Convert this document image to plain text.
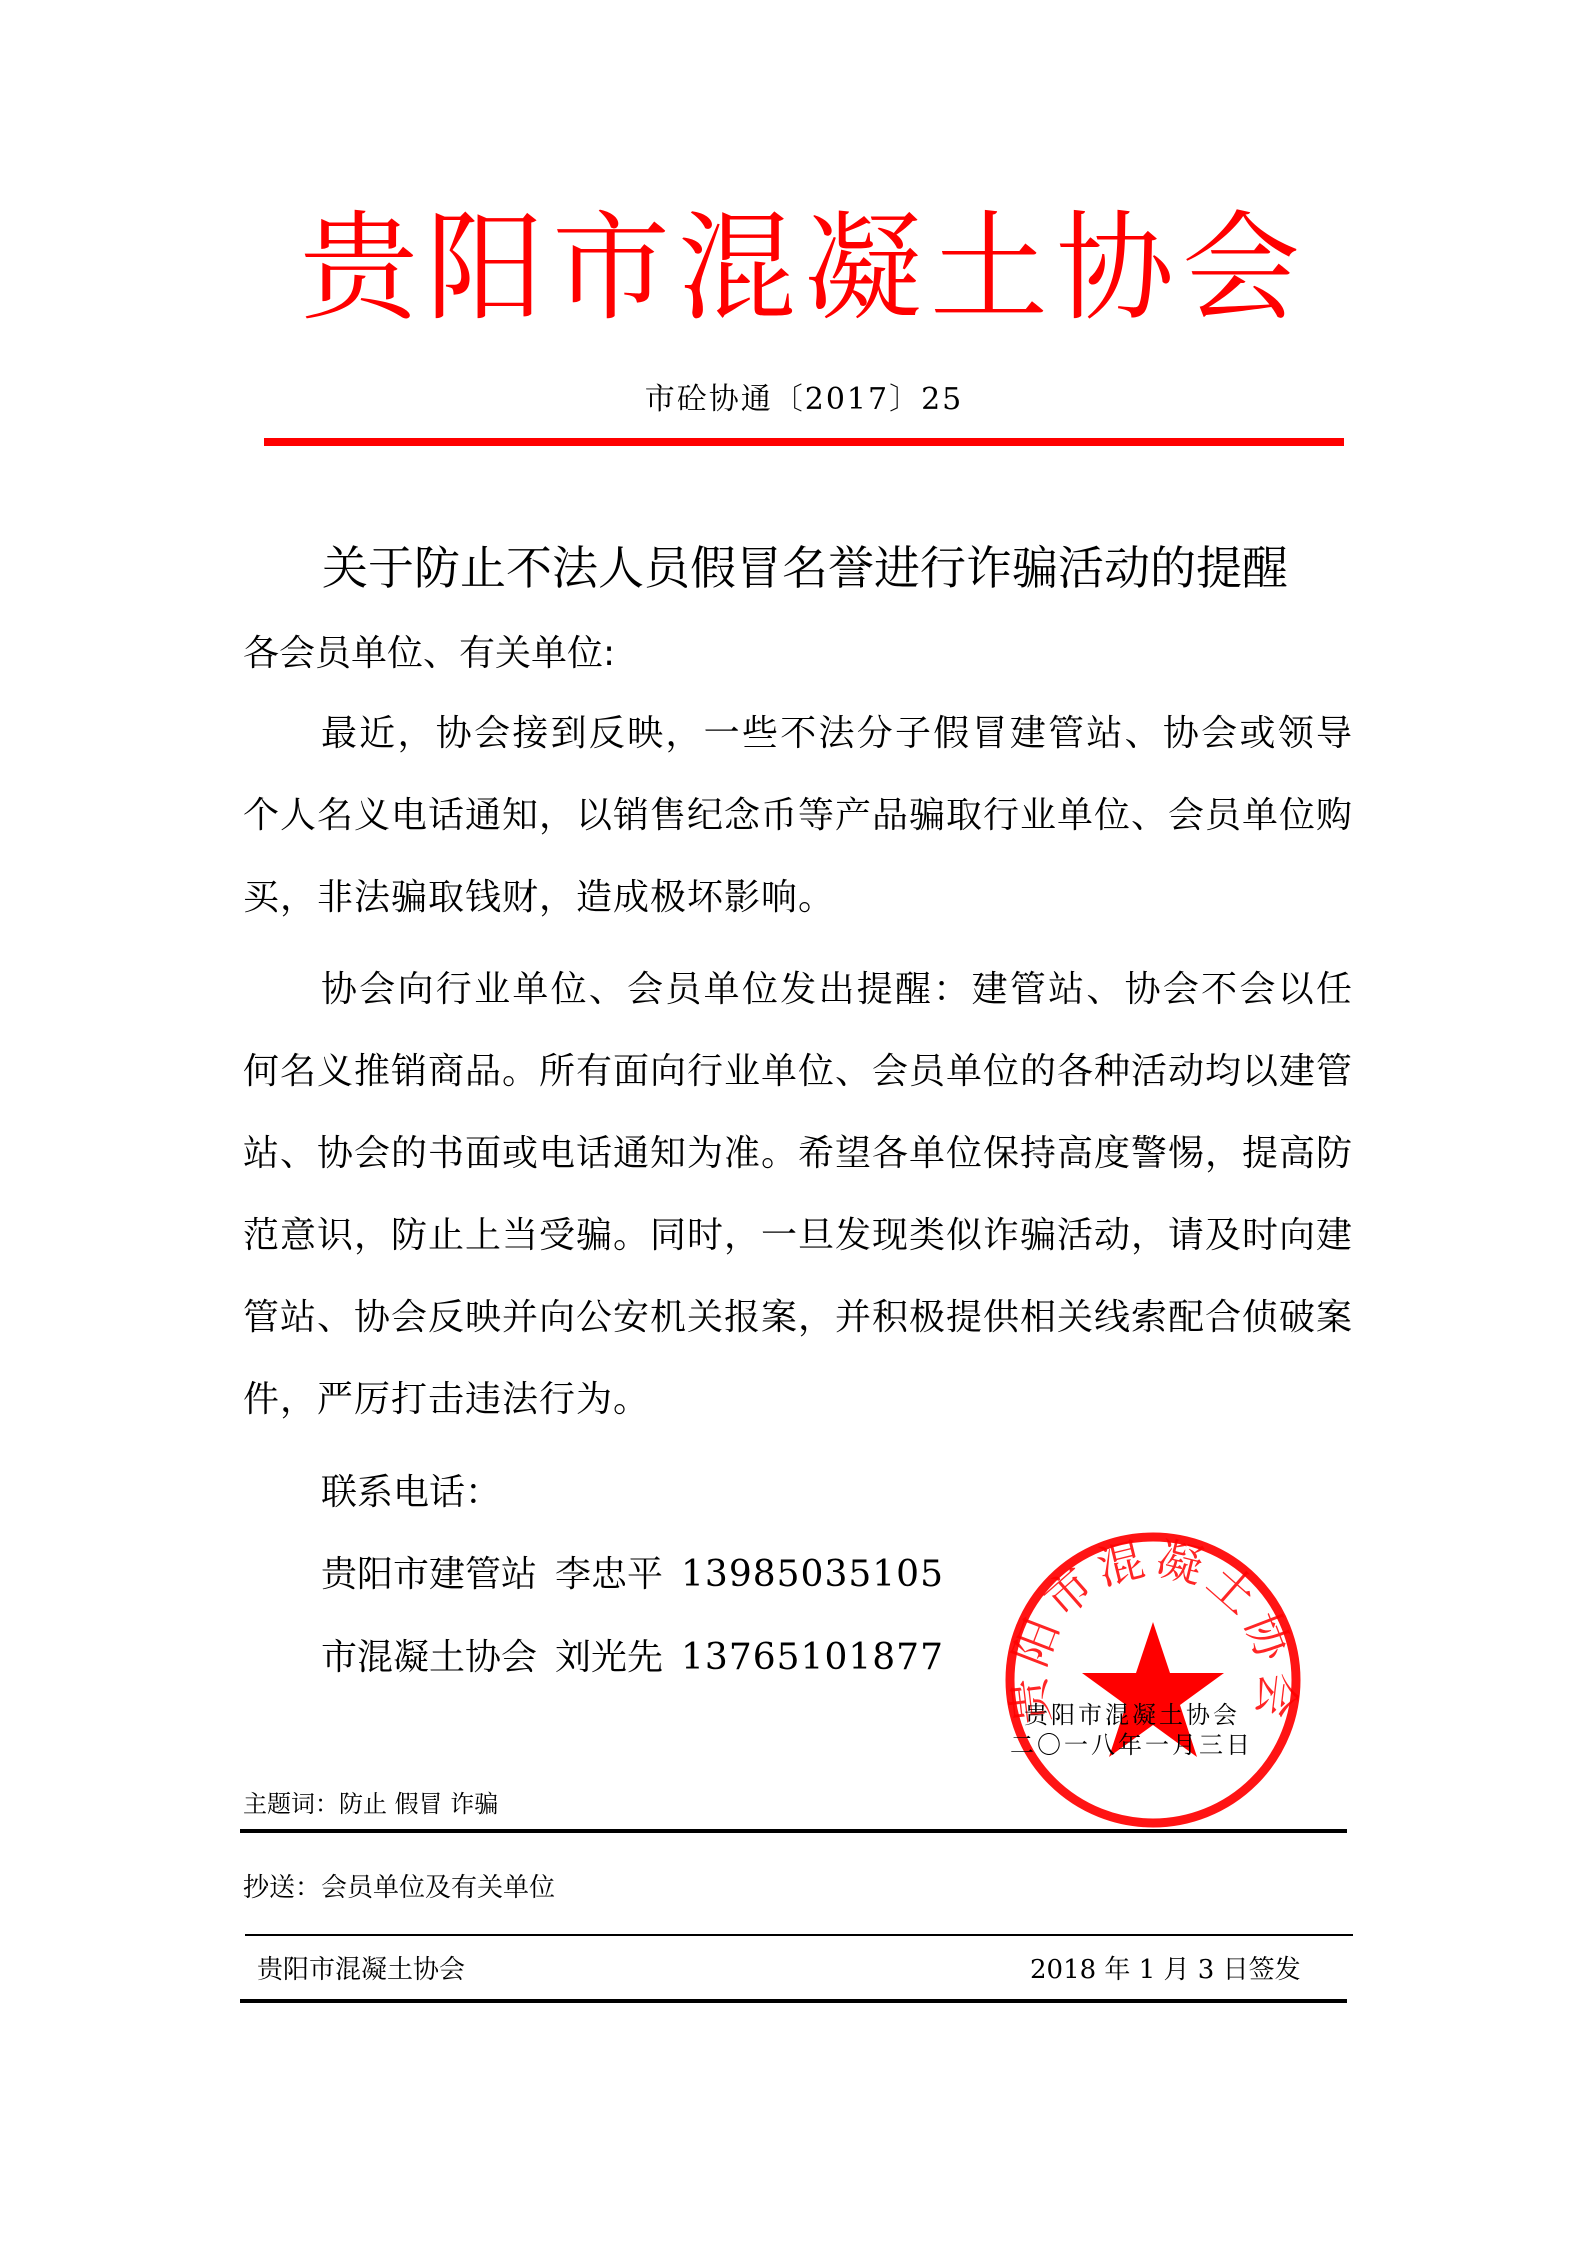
贵阳市混凝土协会
市砼协通〔2017〕25
关于防止不法人员假冒名誉进行诈骗活动的提醒
各会员单位、有关单位:
最近，协会接到反映，一些不法分子假冒建管站、协会或领导个人名义电话通知，以销售纪念币等产品骗取行业单位、会员单位购买，非法骗取钱财，造成极坏影响。
协会向行业单位、会员单位发出提醒：建管站、协会不会以任何名义推销商品。所有面向行业单位、会员单位的各种活动均以建管站、协会的书面或电话通知为准。希望各单位保持高度警惕，提高防范意识，防止上当受骗。同时，一旦发现类似诈骗活动，请及时向建管站、协会反映并向公安机关报案，并积极提供相关线索配合侦破案件，严厉打击违法行为。
联系电话：
贵阳市建管站 李忠平 13985035105
市混凝土协会 刘光先 13765101877
贵阳市混凝土协会
贵阳市混凝土协会
二〇一八年一月三日
主题词：防止 假冒 诈骗
抄送：会员单位及有关单位
贵阳市混凝土协会	2018 年 1 月 3 日签发
